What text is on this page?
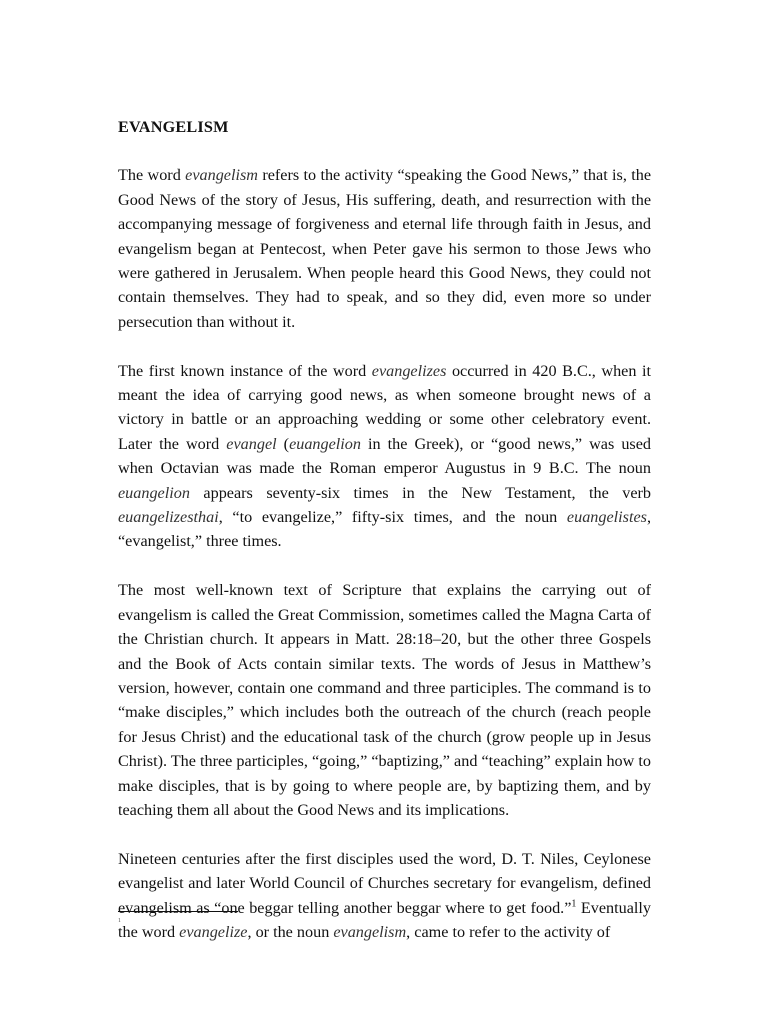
EVANGELISM

The word evangelism refers to the activity “speaking the Good News,” that is, the Good News of the story of Jesus, His suffering, death, and resurrection with the accompanying message of forgiveness and eternal life through faith in Jesus, and evangelism began at Pentecost, when Peter gave his sermon to those Jews who were gathered in Jerusalem. When people heard this Good News, they could not contain themselves. They had to speak, and so they did, even more so under persecution than without it.

The first known instance of the word evangelizes occurred in 420 B.C., when it meant the idea of carrying good news, as when someone brought news of a victory in battle or an approaching wedding or some other celebratory event. Later the word evangel (euangelion in the Greek), or “good news,” was used when Octavian was made the Roman emperor Augustus in 9 B.C. The noun euangelion appears seventy-six times in the New Testament, the verb euangelizesthai, “to evangelize,” fifty-six times, and the noun euangelistes, “evangelist,” three times.

The most well-known text of Scripture that explains the carrying out of evangelism is called the Great Commission, sometimes called the Magna Carta of the Christian church. It appears in Matt. 28:18–20, but the other three Gospels and the Book of Acts contain similar texts. The words of Jesus in Matthew’s version, however, contain one command and three participles. The command is to “make disciples,” which includes both the outreach of the church (reach people for Jesus Christ) and the educational task of the church (grow people up in Jesus Christ). The three participles, “going,” “baptizing,” and “teaching” explain how to make disciples, that is by going to where people are, by baptizing them, and by teaching them all about the Good News and its implications.

Nineteen centuries after the first disciples used the word, D. T. Niles, Ceylonese evangelist and later World Council of Churches secretary for evangelism, defined evangelism as “one beggar telling another beggar where to get food.”$^1$ Eventually the word evangelize, or the noun evangelism, came to refer to the activity of

1
